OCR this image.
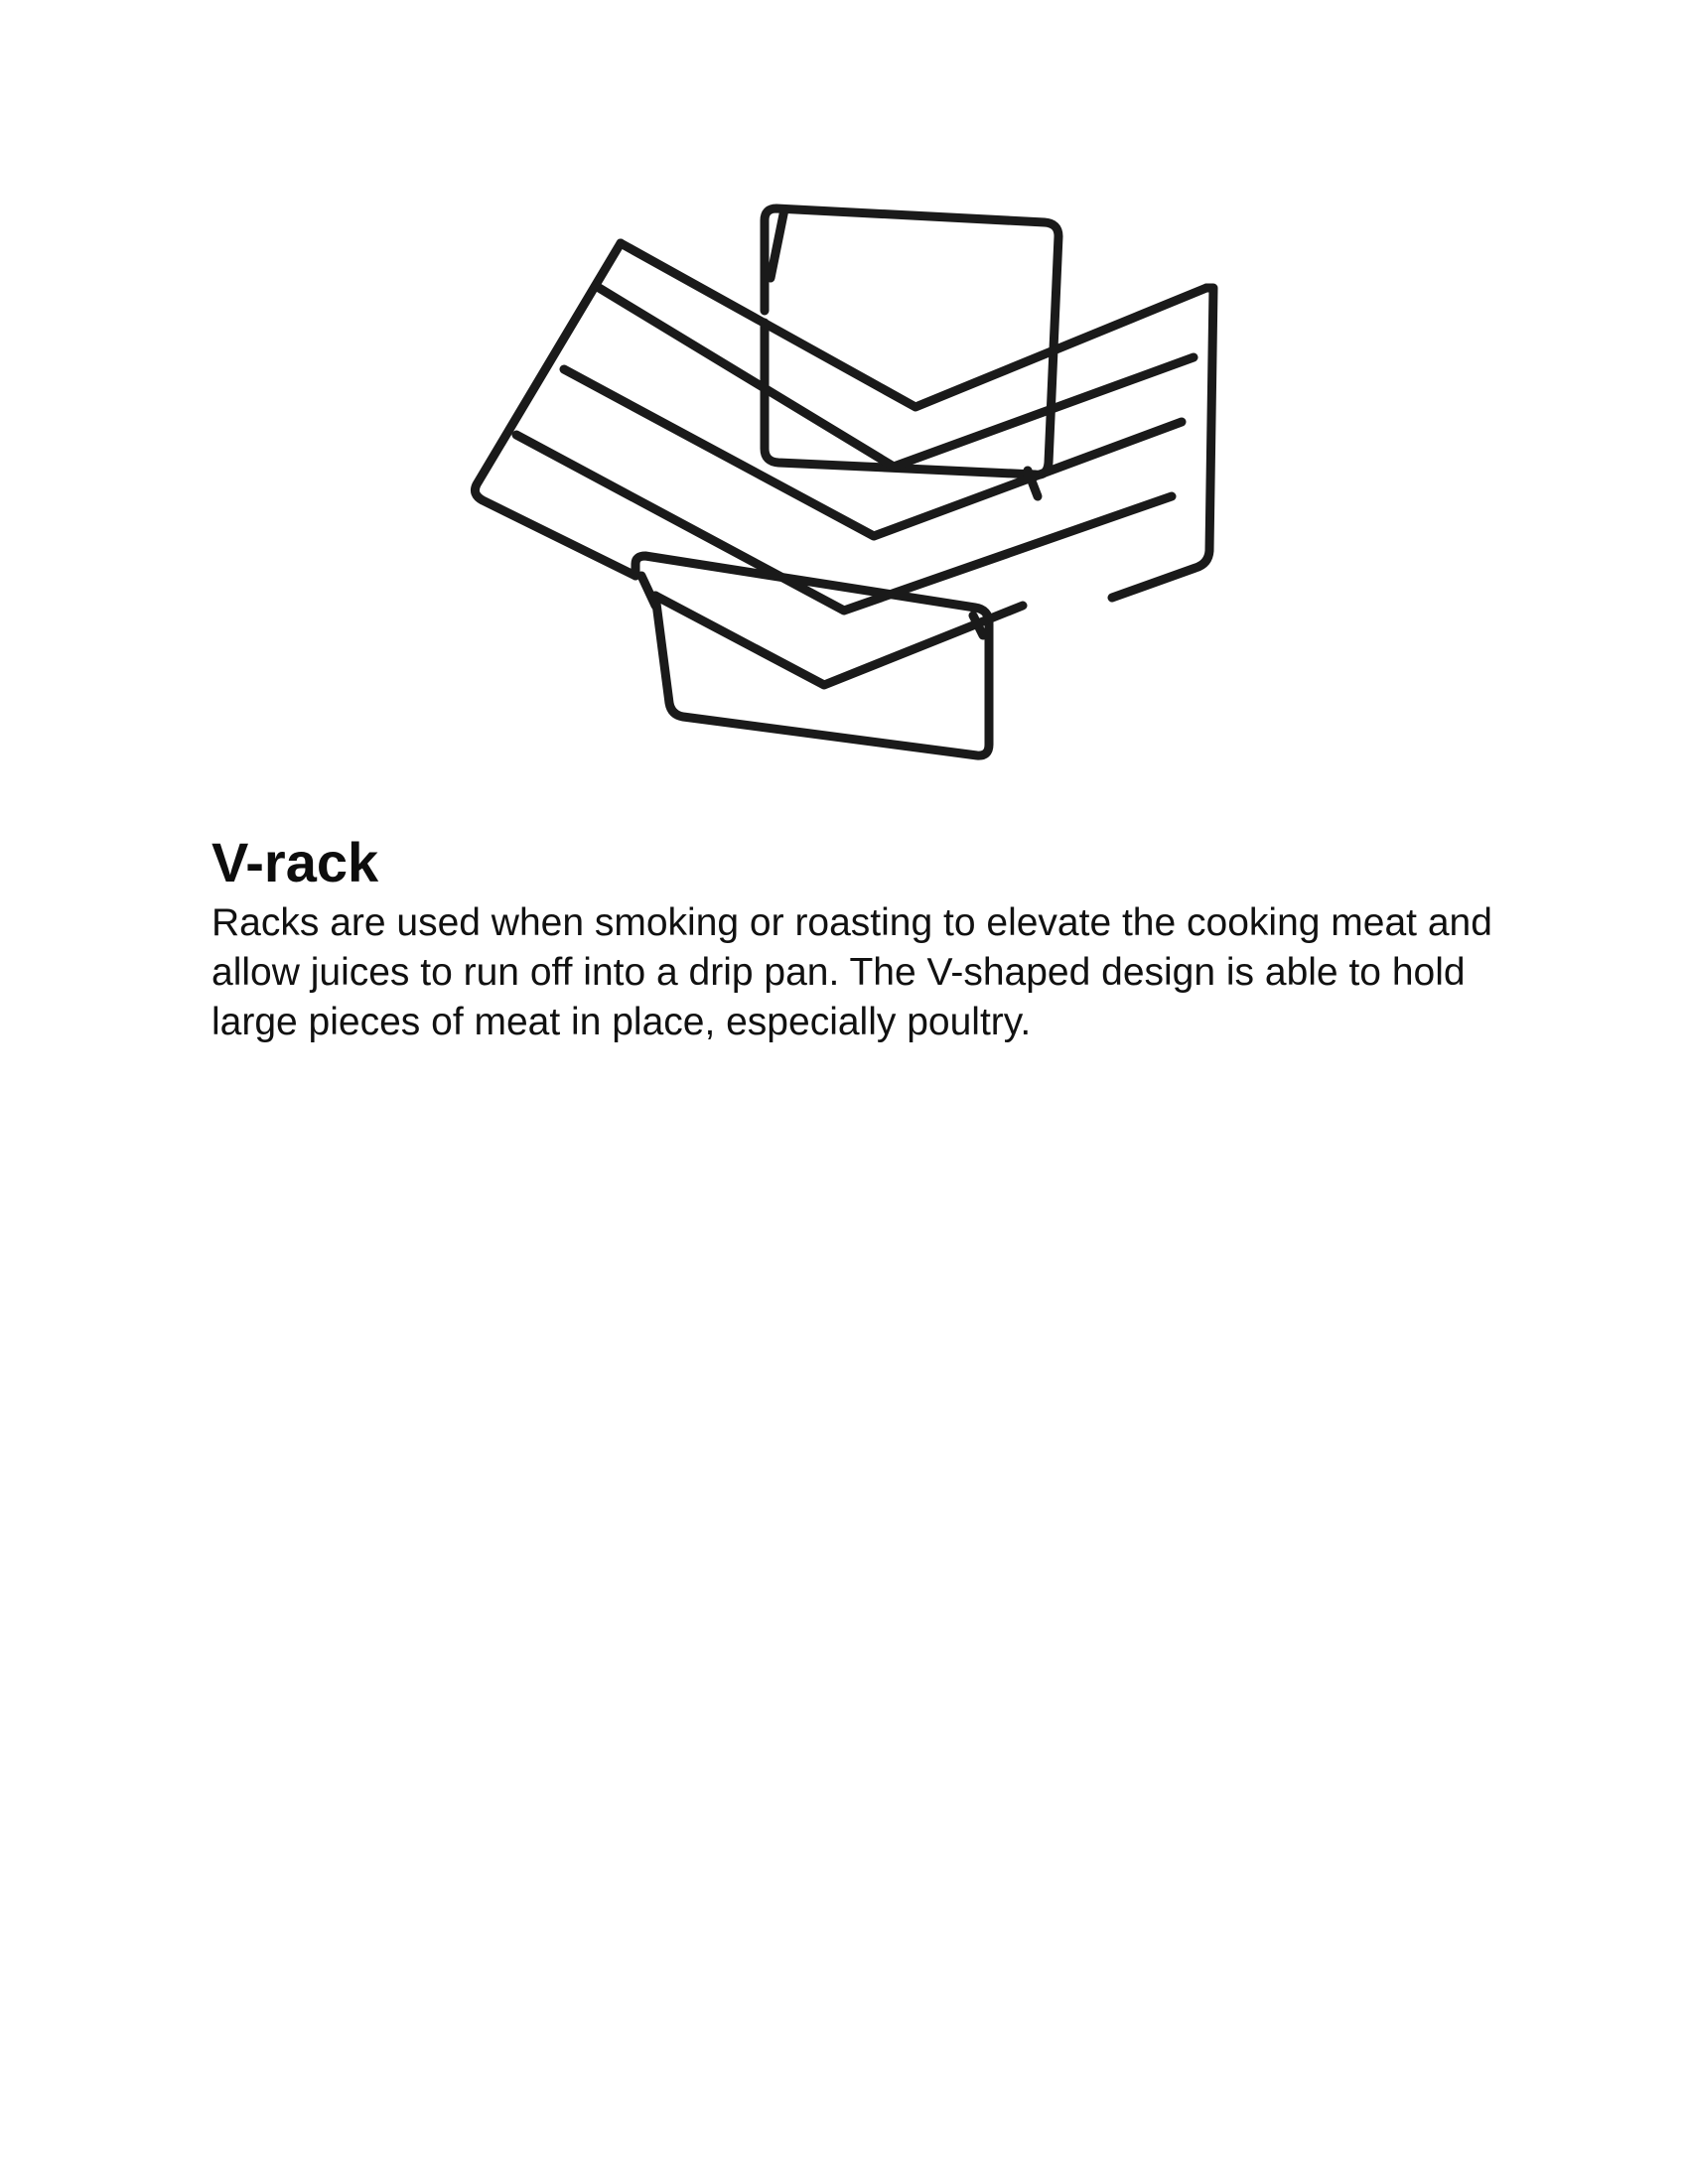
V-rack

Racks are used when smoking or roasting to elevate the cooking meat and allow juices to run off into a drip pan. The V-shaped design is able to hold large pieces of meat in place, especially poultry.
